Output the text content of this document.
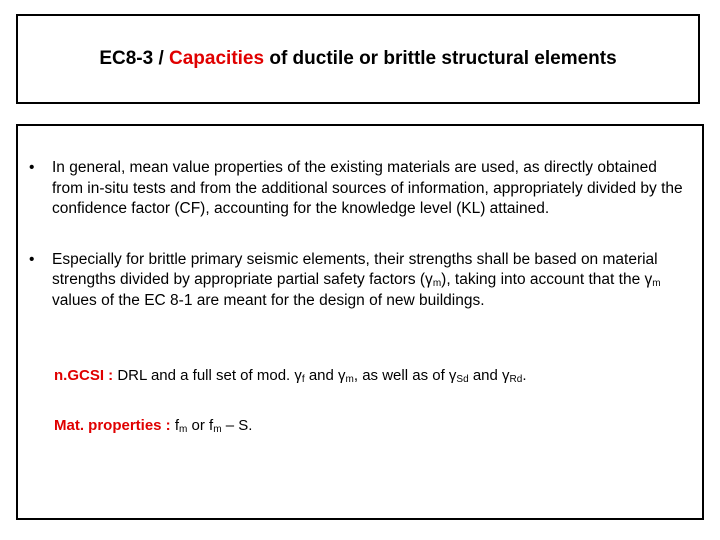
EC8-3 / Capacities of ductile or brittle structural elements
• In general, mean value properties of the existing materials are used, as directly obtained from in-situ tests and from the additional sources of information, appropriately divided by the confidence factor (CF), accounting for the knowledge level (KL) attained.
• Especially for brittle primary seismic elements, their strengths shall be based on material strengths divided by appropriate partial safety factors $(\gamma_m)$, taking into account that the $\gamma_m$ values of the EC 8-1 are meant for the design of new buildings.
n.GCSI : DRL and a full set of mod. $\gamma_f$ and $\gamma_m$, as well as of $\gamma_{Sd}$ and $\gamma_{Rd}$.
Mat. properties : $f_m$ or $f_m$ – S.
